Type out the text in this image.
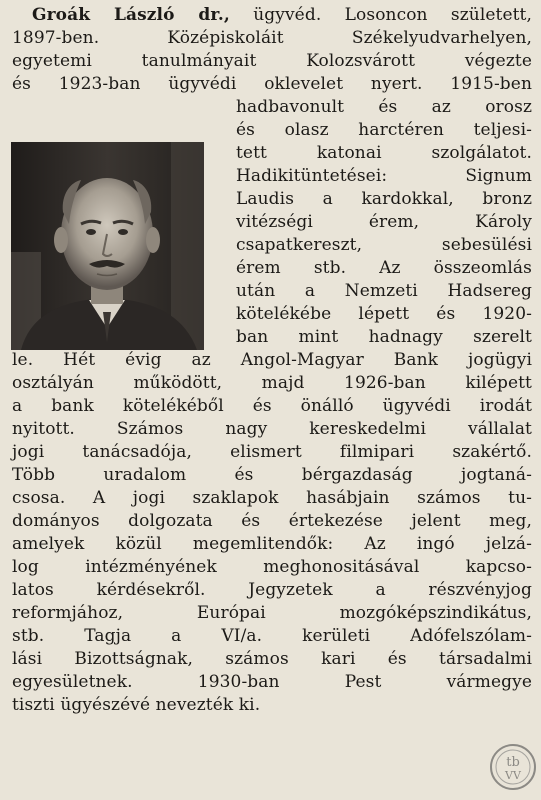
Groák László dr., ügyvéd. Losoncon született,
1897-ben. Középiskoláit Székelyudvarhelyen,
egyetemi tanulmányait Kolozsvárott végezte
és 1923-ban ügyvédi oklevelet nyert. 1915-ben
hadbavonult és az orosz
és olasz harctéren teljesi-
tett katonai szolgálatot.
Hadikitüntetései: Signum
Laudis a kardokkal, bronz
vitézségi érem, Károly
csapatkereszt, sebesülési
érem stb. Az összeomlás
után a Nemzeti Hadsereg
kötelékébe lépett és 1920-
ban mint hadnagy szerelt
le. Hét évig az Angol-Magyar Bank jogügyi
osztályán működött, majd 1926-ban kilépett
a bank kötelékéből és önálló ügyvédi irodát
nyitott. Számos nagy kereskedelmi vállalat
jogi tanácsadója, elismert filmipari szakértő.
Több uradalom és bérgazdaság jogtaná-
csosa. A jogi szaklapok hasábjain számos tu-
dományos dolgozata és értekezése jelent meg,
amelyek közül megemlitendők: Az ingó jelzá-
log intézményének meghonositásával kapcso-
latos kérdésekről. Jegyzetek a részvényjog
reformjához, Európai mozgóképszindikátus,
stb. Tagja a VI/a. kerületi Adófelszólam-
lási Bizottságnak, számos kari és társadalmi
egyesületnek. 1930-ban Pest vármegye
tiszti ügyészévé nevezték ki.
tb
VV
